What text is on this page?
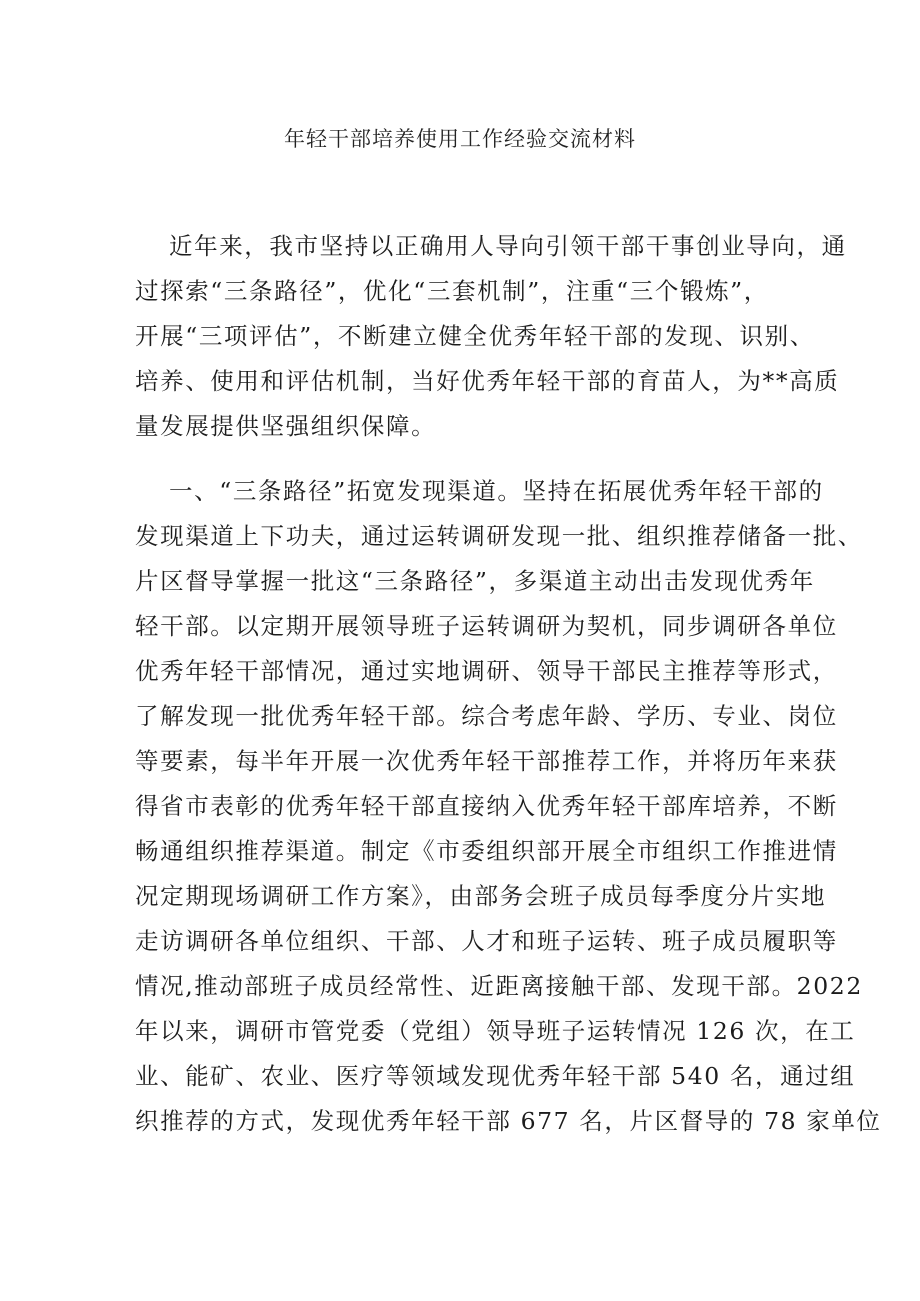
年轻干部培养使用工作经验交流材料
近年来，我市坚持以正确用人导向引领干部干事创业导向，通
过探索“三条路径”，优化“三套机制”，注重“三个锻炼”，
开展“三项评估”，不断建立健全优秀年轻干部的发现、识别、
培养、使用和评估机制，当好优秀年轻干部的育苗人，为**高质
量发展提供坚强组织保障。
一、“三条路径”拓宽发现渠道。坚持在拓展优秀年轻干部的
发现渠道上下功夫，通过运转调研发现一批、组织推荐储备一批、
片区督导掌握一批这“三条路径”，多渠道主动出击发现优秀年
轻干部。以定期开展领导班子运转调研为契机，同步调研各单位
优秀年轻干部情况，通过实地调研、领导干部民主推荐等形式，
了解发现一批优秀年轻干部。综合考虑年龄、学历、专业、岗位
等要素，每半年开展一次优秀年轻干部推荐工作，并将历年来获
得省市表彰的优秀年轻干部直接纳入优秀年轻干部库培养，不断
畅通组织推荐渠道。制定《市委组织部开展全市组织工作推进情
况定期现场调研工作方案》，由部务会班子成员每季度分片实地
走访调研各单位组织、干部、人才和班子运转、班子成员履职等
情况,推动部班子成员经常性、近距离接触干部、发现干部。2022
年以来，调研市管党委（党组）领导班子运转情况 126 次，在工
业、能矿、农业、医疗等领域发现优秀年轻干部 540 名，通过组
织推荐的方式，发现优秀年轻干部 677 名，片区督导的 78 家单位
